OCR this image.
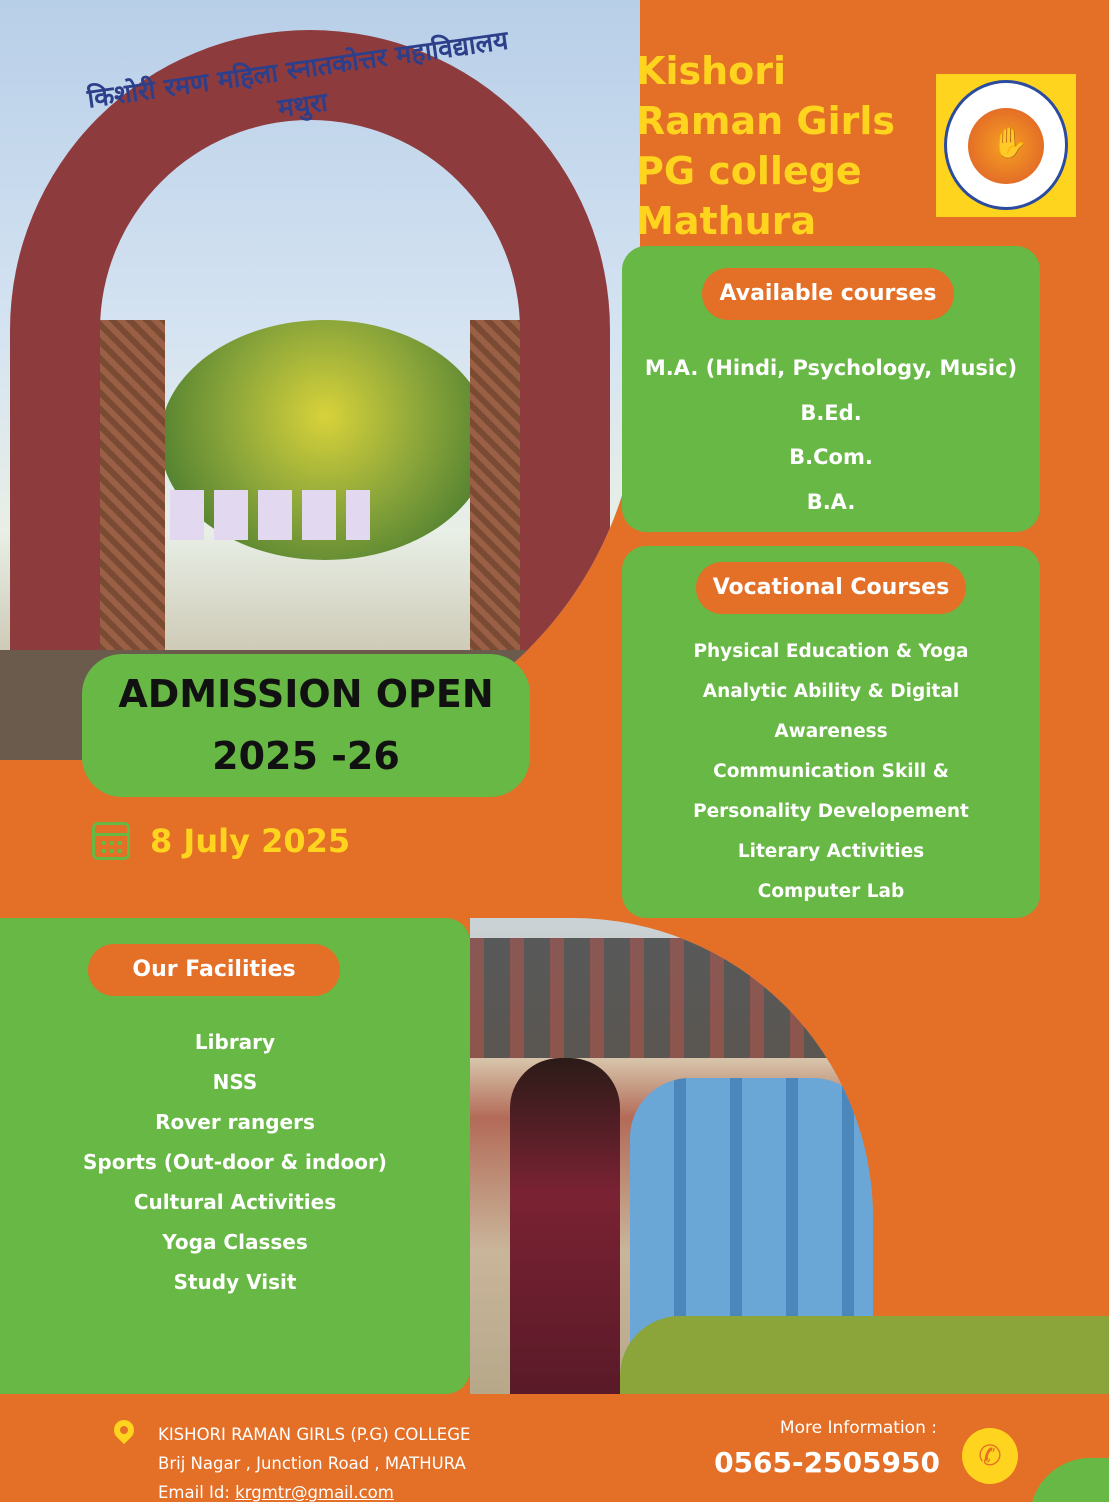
किशोरी रमण महिला स्नातकोत्तर महाविद्यालय मथुरा
Kishori
Raman Girls
PG college
Mathura
✋
Available courses
M.A. (Hindi, Psychology, Music)
B.Ed.
B.Com.
B.A.
Vocational Courses
Physical Education & Yoga
Analytic Ability & Digital
Awareness
Communication Skill &
Personality Developement
Literary Activities
Computer Lab
ADMISSION OPEN
2025 -26
8 July 2025
Our Facilities
Library
NSS
Rover rangers
Sports (Out-door & indoor)
Cultural Activities
Yoga Classes
Study Visit
KISHORI RAMAN GIRLS (P.G) COLLEGE
Brij Nagar , Junction Road , MATHURA
Email Id: krgmtr@gmail.com
More Information :
0565-2505950	✆
